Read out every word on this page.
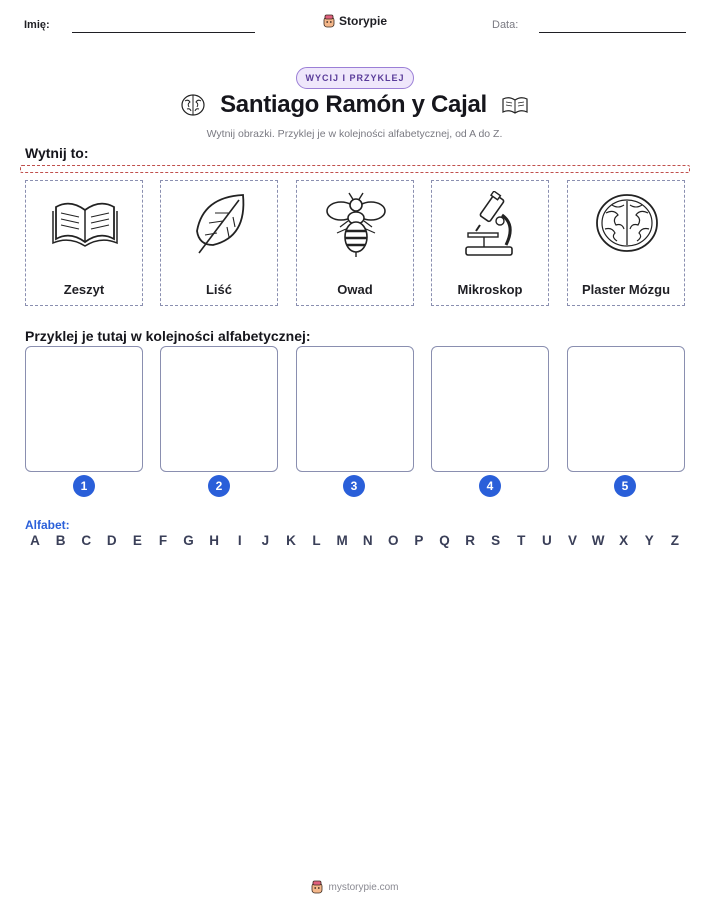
Imię:	Storypie	Data:
WYCIJ I PRZYKLEJ
Santiago Ramón y Cajal
Wytnij obrazki. Przyklej je w kolejności alfabetycznej, od A do Z.
Wytnij to:
Zeszyt	Liść	Owad	Mikroskop	Plaster Mózgu
Przyklej je tutaj w kolejności alfabetycznej:
1	2	3	4	5
Alfabet:
A	B	C	D	E	F	G	H	I	J	K	L	M	N	O	P	Q	R	S	T	U	V	W	X	Y	Z
mystorypie.com
